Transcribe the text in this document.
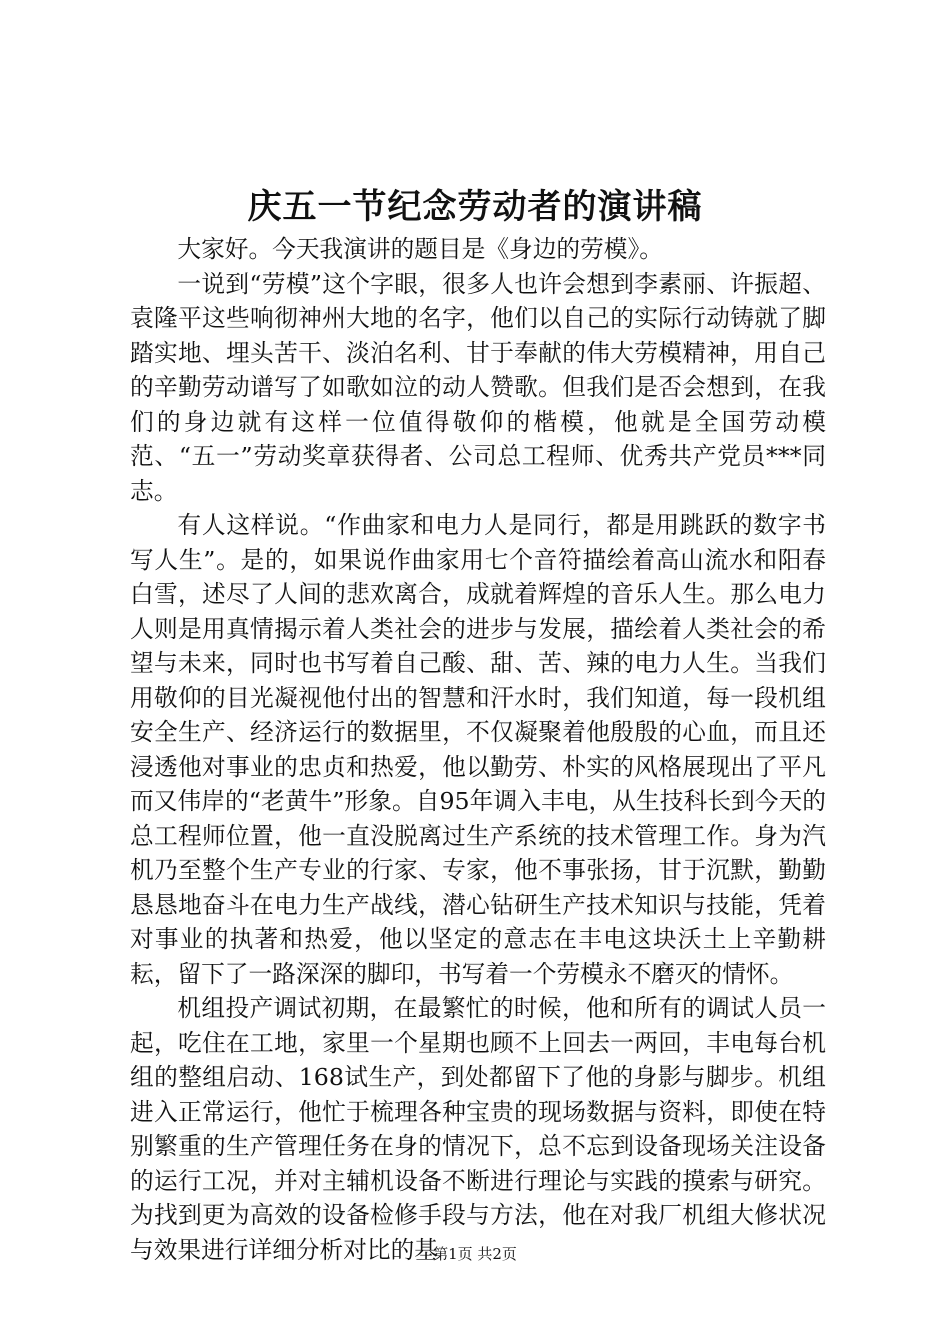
庆五一节纪念劳动者的演讲稿

大家好。今天我演讲的题目是《身边的劳模》。

一说到“劳模”这个字眼，很多人也许会想到李素丽、许振超、袁隆平这些响彻神州大地的名字，他们以自己的实际行动铸就了脚踏实地、埋头苦干、淡泊名利、甘于奉献的伟大劳模精神，用自己的辛勤劳动谱写了如歌如泣的动人赞歌。但我们是否会想到，在我们的身边就有这样一位值得敬仰的楷模，他就是全国劳动模范、“五一”劳动奖章获得者、公司总工程师、优秀共产党员***同志。

有人这样说。“作曲家和电力人是同行，都是用跳跃的数字书写人生”。是的，如果说作曲家用七个音符描绘着高山流水和阳春白雪，述尽了人间的悲欢离合，成就着辉煌的音乐人生。那么电力人则是用真情揭示着人类社会的进步与发展，描绘着人类社会的希望与未来，同时也书写着自己酸、甜、苦、辣的电力人生。当我们用敬仰的目光凝视他付出的智慧和汗水时，我们知道，每一段机组安全生产、经济运行的数据里，不仅凝聚着他殷殷的心血，而且还浸透他对事业的忠贞和热爱，他以勤劳、朴实的风格展现出了平凡而又伟岸的“老黄牛”形象。自95年调入丰电，从生技科长到今天的总工程师位置，他一直没脱离过生产系统的技术管理工作。身为汽机乃至整个生产专业的行家、专家，他不事张扬，甘于沉默，勤勤恳恳地奋斗在电力生产战线，潜心钻研生产技术知识与技能，凭着对事业的执著和热爱，他以坚定的意志在丰电这块沃土上辛勤耕耘，留下了一路深深的脚印，书写着一个劳模永不磨灭的情怀。

机组投产调试初期，在最繁忙的时候，他和所有的调试人员一起，吃住在工地，家里一个星期也顾不上回去一两回，丰电每台机组的整组启动、168试生产，到处都留下了他的身影与脚步。机组进入正常运行，他忙于梳理各种宝贵的现场数据与资料，即使在特别繁重的生产管理任务在身的情况下，总不忘到设备现场关注设备的运行工况，并对主辅机设备不断进行理论与实践的摸索与研究。为找到更为高效的设备检修手段与方法，他在对我厂机组大修状况与效果进行详细分析对比的基

第1页 共2页
